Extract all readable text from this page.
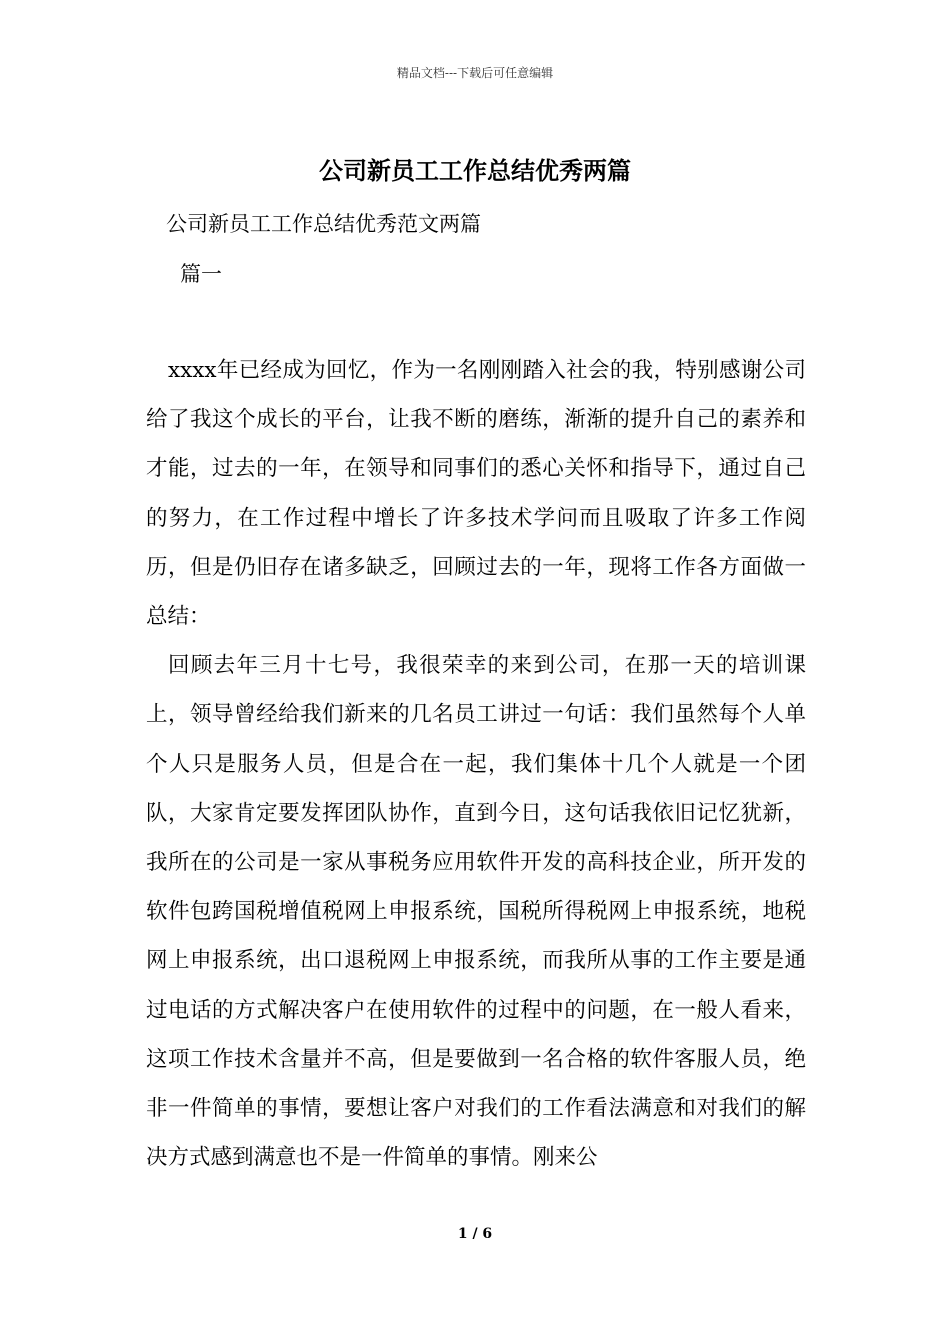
精品文档---下载后可任意编辑
公司新员工工作总结优秀两篇

公司新员工工作总结优秀范文两篇

篇一

xxxx年已经成为回忆，作为一名刚刚踏入社会的我，特别感谢公司给了我这个成长的平台，让我不断的磨练，渐渐的提升自己的素养和才能，过去的一年，在领导和同事们的悉心关怀和指导下，通过自己的努力，在工作过程中增长了许多技术学问而且吸取了许多工作阅历，但是仍旧存在诸多缺乏，回顾过去的一年，现将工作各方面做一总结：

回顾去年三月十七号，我很荣幸的来到公司，在那一天的培训课上，领导曾经给我们新来的几名员工讲过一句话：我们虽然每个人单个人只是服务人员，但是合在一起，我们集体十几个人就是一个团队，大家肯定要发挥团队协作，直到今日，这句话我依旧记忆犹新，我所在的公司是一家从事税务应用软件开发的高科技企业，所开发的软件包跨国税增值税网上申报系统，国税所得税网上申报系统，地税网上申报系统，出口退税网上申报系统，而我所从事的工作主要是通过电话的方式解决客户在使用软件的过程中的问题，在一般人看来，这项工作技术含量并不高，但是要做到一名合格的软件客服人员，绝非一件简单的事情，要想让客户对我们的工作看法满意和对我们的解决方式感到满意也不是一件简单的事情。刚来公

1 / 6
